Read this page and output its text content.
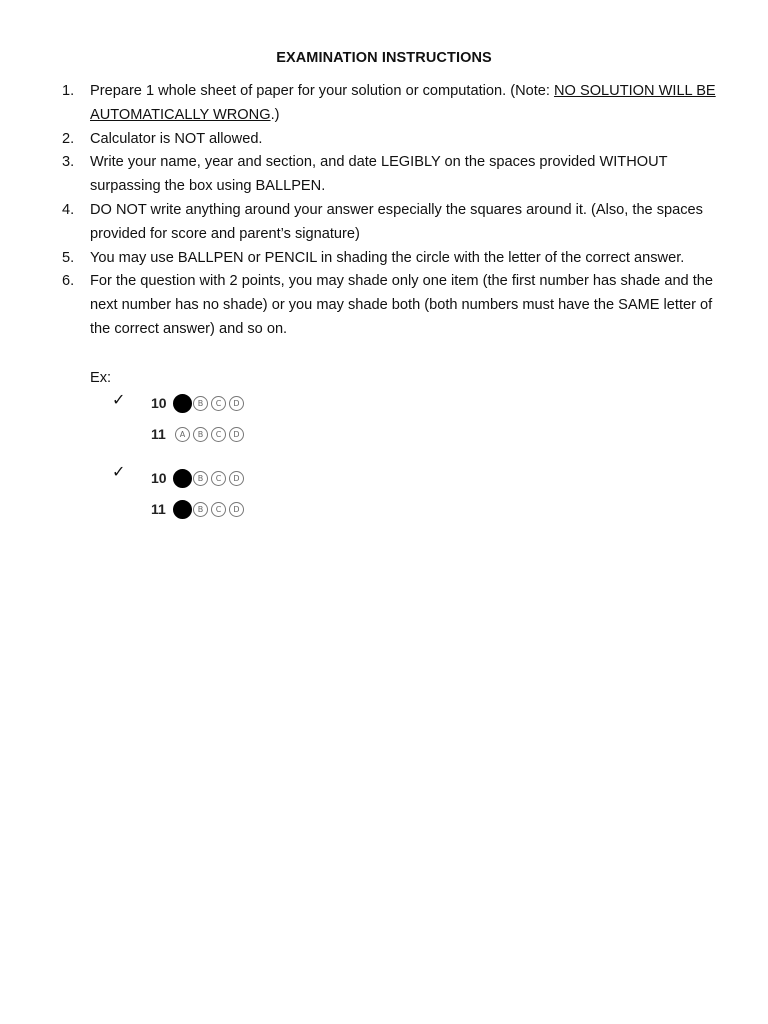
EXAMINATION INSTRUCTIONS
1.	Prepare 1 whole sheet of paper for your solution or computation. (Note: NO SOLUTION WILL BE AUTOMATICALLY WRONG.)
2.	Calculator is NOT allowed.
3.	Write your name, year and section, and date LEGIBLY on the spaces provided WITHOUT surpassing the box using BALLPEN.
4.	DO NOT write anything around your answer especially the squares around it. (Also, the spaces provided for score and parent’s signature)
5.	You may use BALLPEN or PENCIL in shading the circle with the letter of the correct answer.
6.	For the question with 2 points, you may shade only one item (the first number has shade and the next number has no shade) or you may shade both (both numbers must have the SAME letter of the correct answer) and so on.
Ex:
✓ 10	A	B	C	D
11	A	B	C	D
✓ 10	A	B	C	D
11	A	B	C	D
